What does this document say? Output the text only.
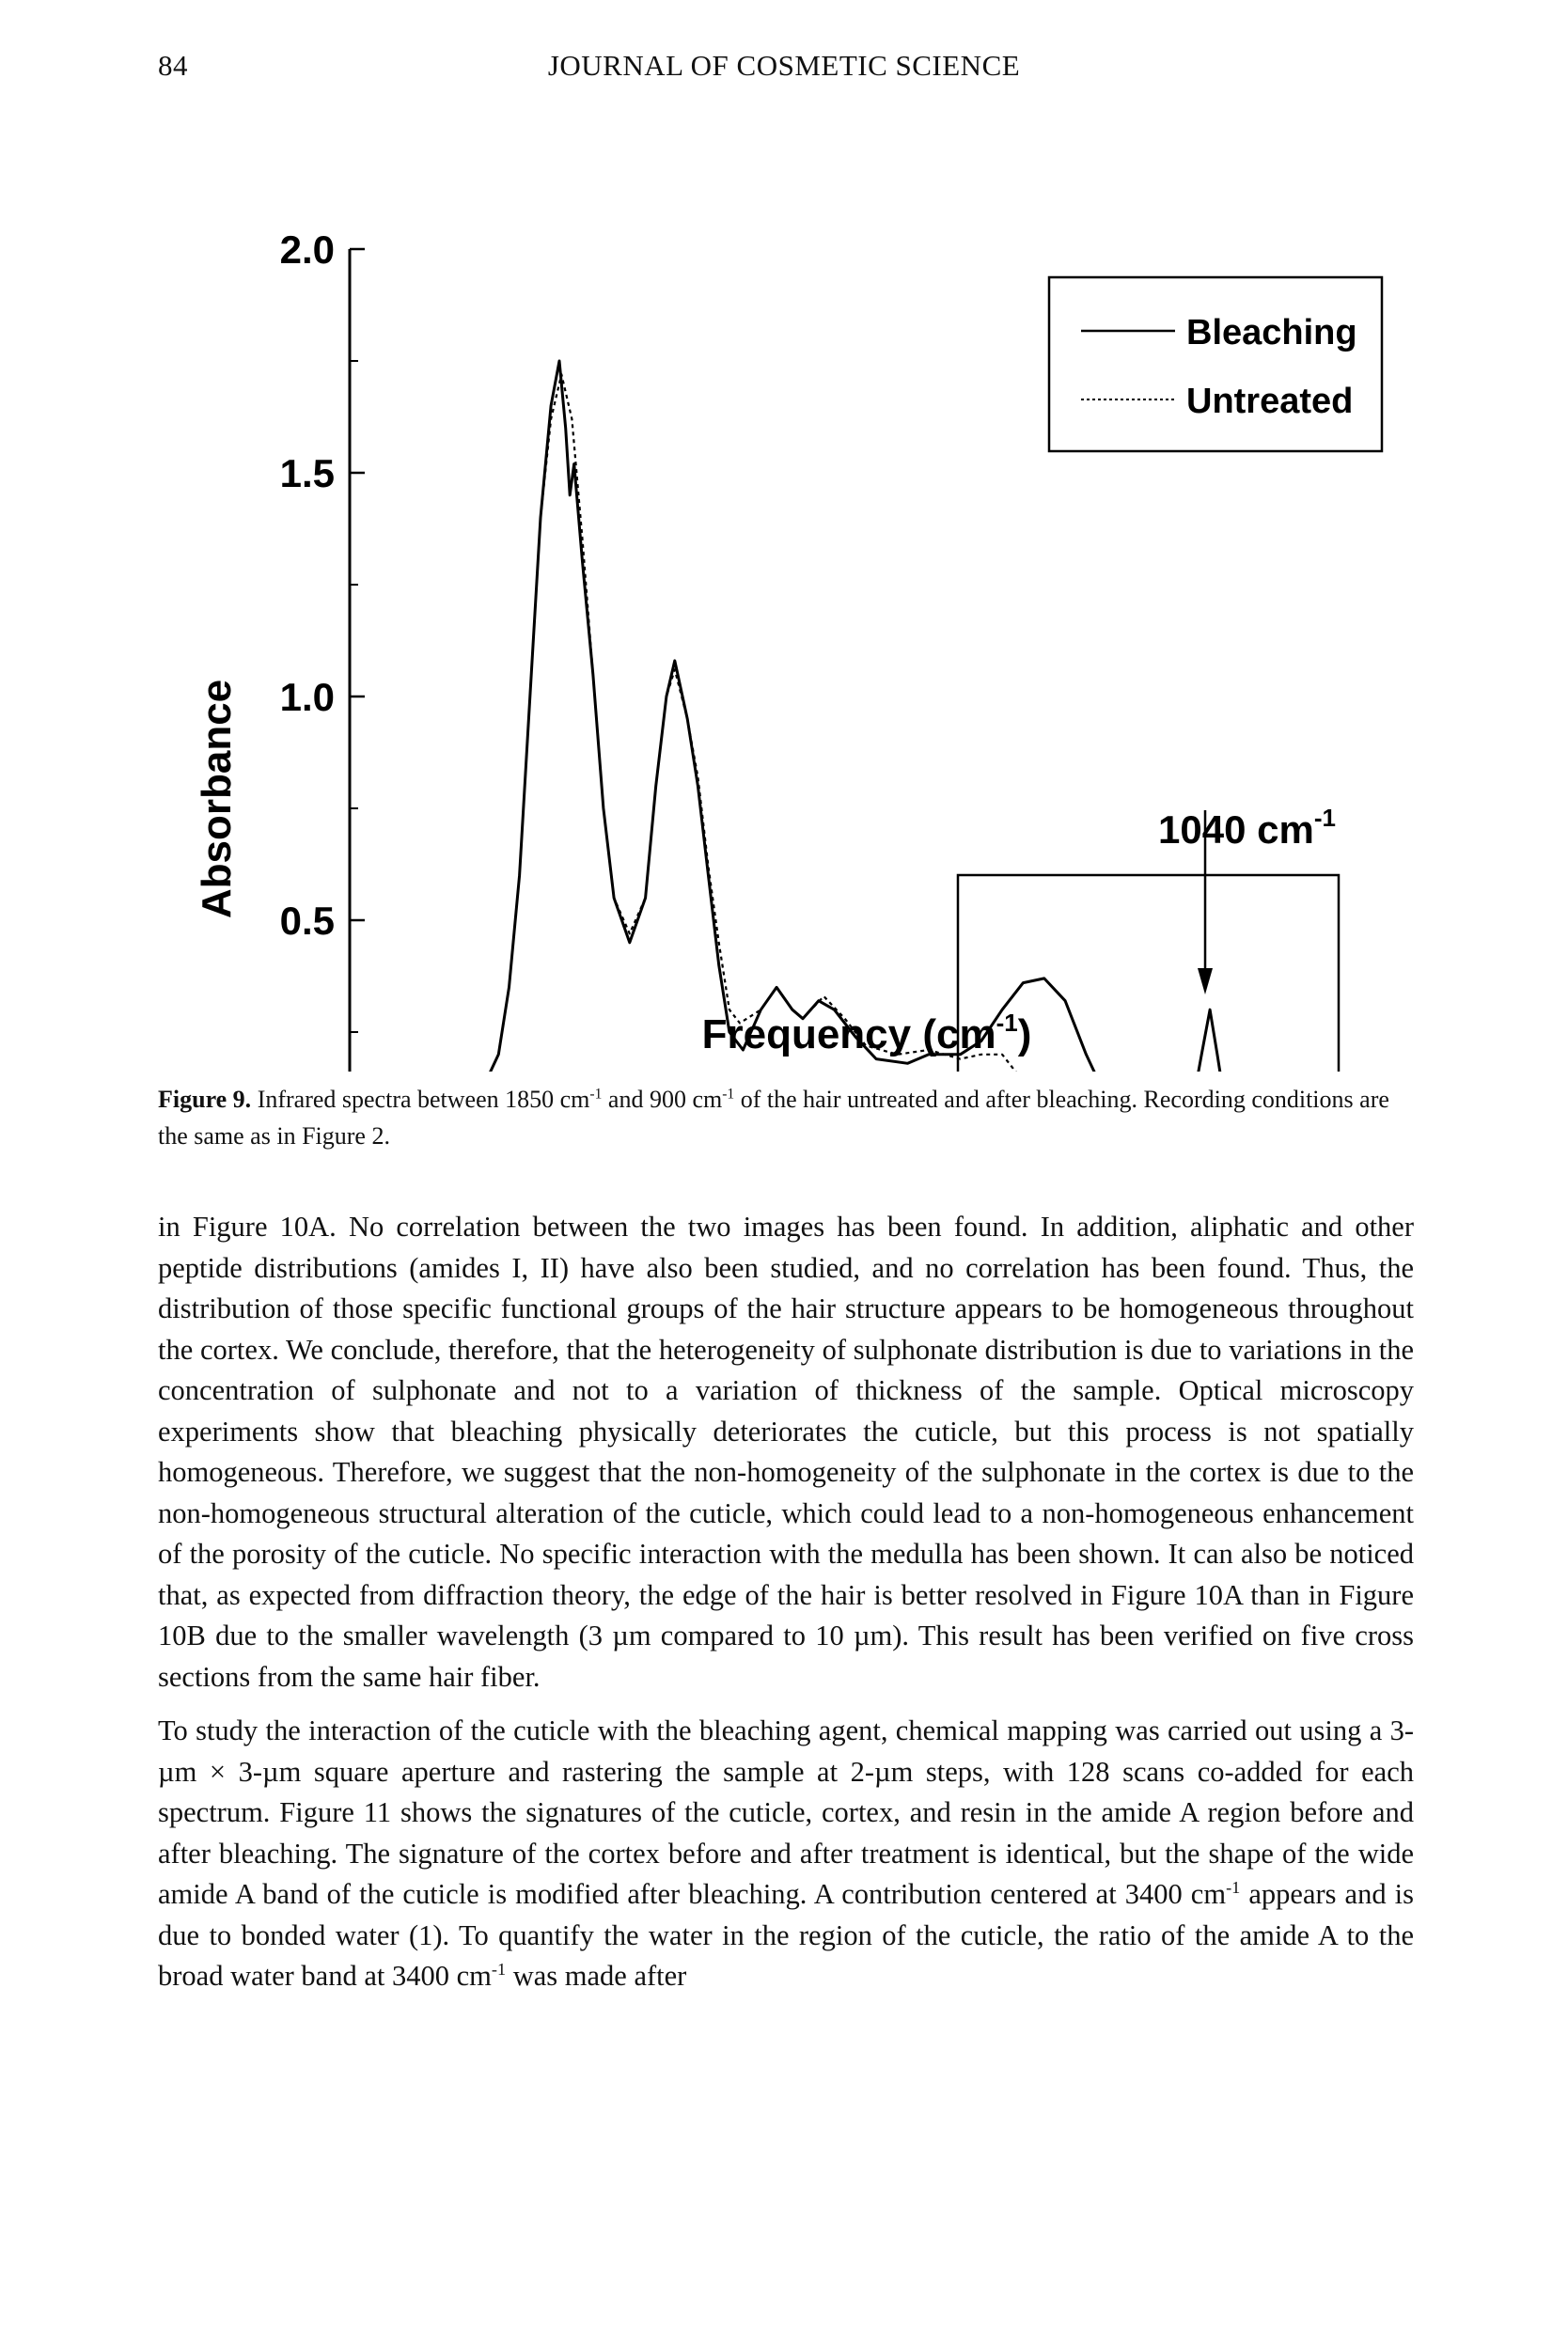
84	JOURNAL OF COSMETIC SCIENCE
0.5
1.0
1.5
2.0
Bleaching
Untreated
1040 $cm^{-1}$
Absorbance
Frequency $(cm^{-1})$
Figure 9. Infrared spectra between 1850 $cm^{-1}$ and 900 $cm^{-1}$ of the hair untreated and after bleaching. Recording conditions are the same as in Figure 2.

in Figure 10A. No correlation between the two images has been found. In addition, aliphatic and other peptide distributions (amides I, II) have also been studied, and no correlation has been found. Thus, the distribution of those specific functional groups of the hair structure appears to be homogeneous throughout the cortex. We conclude, therefore, that the heterogeneity of sulphonate distribution is due to variations in the concentration of sulphonate and not to a variation of thickness of the sample. Optical microscopy experiments show that bleaching physically deteriorates the cuticle, but this process is not spatially homogeneous. Therefore, we suggest that the non-homogeneity of the sulphonate in the cortex is due to the non-homogeneous structural alteration of the cuticle, which could lead to a non-homogeneous enhancement of the porosity of the cuticle. No specific interaction with the medulla has been shown. It can also be noticed that, as expected from diffraction theory, the edge of the hair is better resolved in Figure 10A than in Figure 10B due to the smaller wavelength (3 µm compared to 10 µm). This result has been verified on five cross sections from the same hair fiber.

To study the interaction of the cuticle with the bleaching agent, chemical mapping was carried out using a 3-µm × 3-µm square aperture and rastering the sample at 2-µm steps, with 128 scans co-added for each spectrum. Figure 11 shows the signatures of the cuticle, cortex, and resin in the amide A region before and after bleaching. The signature of the cortex before and after treatment is identical, but the shape of the wide amide A band of the cuticle is modified after bleaching. A contribution centered at 3400 $cm^{-1}$ appears and is due to bonded water (1). To quantify the water in the region of the cuticle, the ratio of the amide A to the broad water band at 3400 $cm^{-1}$ was made after
